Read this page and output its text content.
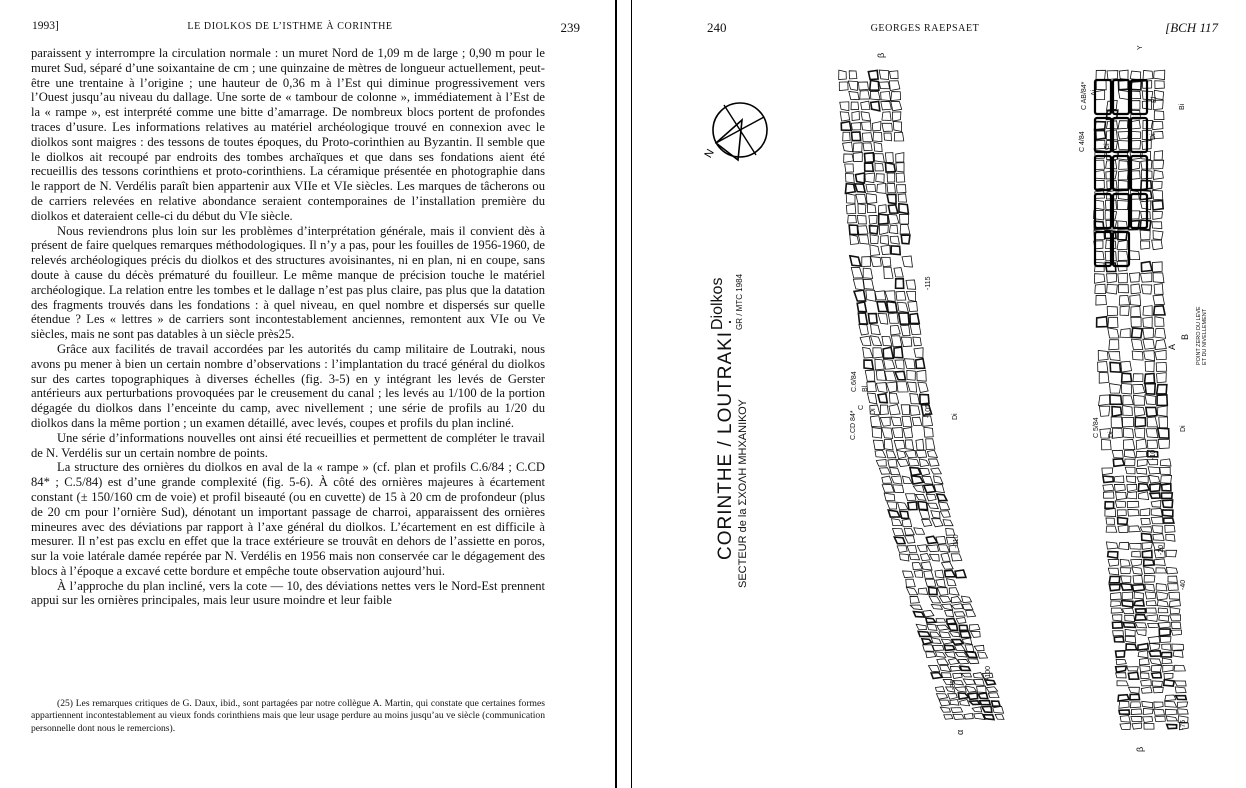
1993]	LE DIOLKOS DE L’ISTHME À CORINTHE	239

paraissent y interrompre la circulation normale : un muret Nord de 1,09 m de large ; 0,90 m pour le muret Sud, séparé d’une soixantaine de cm ; une quinzaine de mètres de longueur actuellement, peut-être une trentaine à l’origine ; une hauteur de 0,36 m à l’Est qui diminue progressivement vers l’Ouest jusqu’au niveau du dallage. Une sorte de « tambour de colonne », immédiatement à l’Est de la « rampe », est interprété comme une bitte d’amarrage. De nombreux blocs portent de profondes traces d’usure. Les informations relatives au matériel archéologique trouvé en connexion avec le diolkos sont maigres : des tessons de toutes époques, du Proto-corinthien au Byzantin. Il semble que le diolkos ait recoupé par endroits des tombes archaïques et que dans ses fondations aient été recueillis des tessons corinthiens et proto-corinthiens. La céramique présentée en photographie dans le rapport de N. Verdélis paraît bien appartenir aux VIIe et VIe siècles. Les marques de tâcherons ou de carriers relevées en relative abondance seraient contemporaines de l’installation première du diolkos et dateraient celle-ci du début du VIe siècle.

Nous reviendrons plus loin sur les problèmes d’interprétation générale, mais il convient dès à présent de faire quelques remarques méthodologiques. Il n’y a pas, pour les fouilles de 1956-1960, de relevés archéologiques précis du diolkos et des structures avoisinantes, ni en plan, ni en coupe, sans doute à cause du décès prématuré du fouilleur. Le même manque de précision touche le matériel archéologique. La relation entre les tombes et le dallage n’est pas plus claire, pas plus que la datation des fragments trouvés dans les fondations : à quel niveau, en quel nombre et dispersés sur quelle étendue ? Les « lettres » de carriers sont incontestablement anciennes, remontent aux VIe ou Ve siècles, mais ne sont pas datables à un siècle près25.

Grâce aux facilités de travail accordées par les autorités du camp militaire de Loutraki, nous avons pu mener à bien un certain nombre d’observations : l’implantation du tracé général du diolkos sur des cartes topographiques à diverses échelles (fig. 3-5) en y intégrant les levés de Gerster antérieurs aux perturbations provoquées par le creusement du canal ; les levés au 1/100 de la portion dégagée du diolkos dans l’enceinte du camp, avec nivellement ; une série de profils au 1/20 du diolkos dans la même portion ; un examen détaillé, avec levés, coupes et profils du plan incliné.

Une série d’informations nouvelles ont ainsi été recueillies et permettent de compléter le travail de N. Verdélis sur un certain nombre de points.

La structure des ornières du diolkos en aval de la « rampe » (cf. plan et profils C.6/84 ; C.CD 84* ; C.5/84) est d’une grande complexité (fig. 5-6). À côté des ornières majeures à écartement constant (± 150/160 cm de voie) et profil biseauté (ou en cuvette) de 15 à 20 cm de profondeur (plus de 20 cm pour l’ornière Sud), dénotant un important passage de charroi, apparaissent des ornières mineures avec des déviations par rapport à l’axe général du diolkos. L’écartement en est difficile à mesurer. Il n’est pas exclu en effet que la trace extérieure se trouvât en dehors de l’assiette en poros, sur la voie latérale damée repérée par N. Verdélis en 1956 mais non conservée car le dégagement des blocs à l’époque a excavé cette bordure et empêche toute observation aujourd’hui.

À l’approche du plan incliné, vers la cote — 10, des déviations nettes vers le Nord-Est prennent appui sur les ornières principales, mais leur usure moindre et leur faible

(25) Les remarques critiques de G. Daux, ibid., sont partagées par notre collègue A. Martin, qui constate que certaines formes appartiennent incontestablement au vieux fonds corinthiens mais que leur usage perdure au moins jusqu’au ve siècle (communication personnelle dont nous le remercions).

240	GEORGES RAEPSAET	[BCH 117
N
CORINTHE / LOUTRAKI . SECTEUR de la ΣΧΟΛΗ ΜΗΧΑΝΙΚΟΥ
Diolkos GR / MTC 1984
C.CD 84*
C.6/84
C
Bl
Di
Di
C AB/84*
C 4/84
C 5/84
Y
Bl
Ai
Di
Di
Di
Ci
Bi
-115
-110
-105
-100
-95
-10
-20
-40
-75
α
β
β
POINT ZERO DU LEVE ET DU NIVELLEMENT
A
B
